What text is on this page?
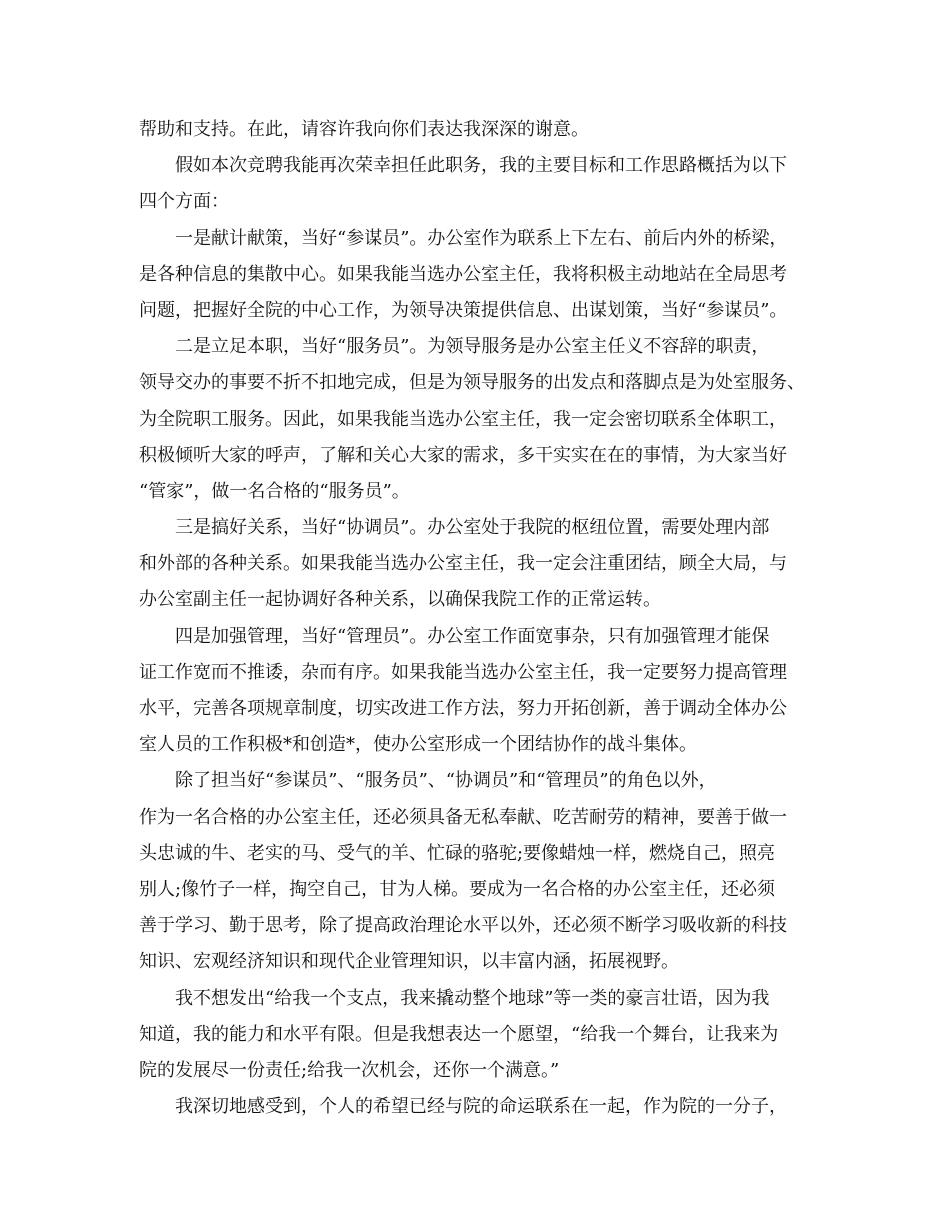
帮助和支持。在此，请容许我向你们表达我深深的谢意。
假如本次竞聘我能再次荣幸担任此职务，我的主要目标和工作思路概括为以下
四个方面：
一是献计献策，当好“参谋员”。办公室作为联系上下左右、前后内外的桥梁，
是各种信息的集散中心。如果我能当选办公室主任，我将积极主动地站在全局思考
问题，把握好全院的中心工作，为领导决策提供信息、出谋划策，当好“参谋员”。
二是立足本职，当好“服务员”。为领导服务是办公室主任义不容辞的职责，
领导交办的事要不折不扣地完成，但是为领导服务的出发点和落脚点是为处室服务、
为全院职工服务。因此，如果我能当选办公室主任，我一定会密切联系全体职工，
积极倾听大家的呼声，了解和关心大家的需求，多干实实在在的事情，为大家当好
“管家”，做一名合格的“服务员”。
三是搞好关系，当好“协调员”。办公室处于我院的枢纽位置，需要处理内部
和外部的各种关系。如果我能当选办公室主任，我一定会注重团结，顾全大局，与
办公室副主任一起协调好各种关系，以确保我院工作的正常运转。
四是加强管理，当好“管理员”。办公室工作面宽事杂，只有加强管理才能保
证工作宽而不推诿，杂而有序。如果我能当选办公室主任，我一定要努力提高管理
水平，完善各项规章制度，切实改进工作方法，努力开拓创新，善于调动全体办公
室人员的工作积极*和创造*，使办公室形成一个团结协作的战斗集体。
除了担当好“参谋员”、“服务员”、“协调员”和“管理员”的角色以外，
作为一名合格的办公室主任，还必须具备无私奉献、吃苦耐劳的精神，要善于做一
头忠诚的牛、老实的马、受气的羊、忙碌的骆驼;要像蜡烛一样，燃烧自己，照亮
别人;像竹子一样，掏空自己，甘为人梯。要成为一名合格的办公室主任，还必须
善于学习、勤于思考，除了提高政治理论水平以外，还必须不断学习吸收新的科技
知识、宏观经济知识和现代企业管理知识，以丰富内涵，拓展视野。
我不想发出“给我一个支点，我来撬动整个地球”等一类的豪言壮语，因为我
知道，我的能力和水平有限。但是我想表达一个愿望，“给我一个舞台，让我来为
院的发展尽一份责任;给我一次机会，还你一个满意。”
我深切地感受到，个人的希望已经与院的命运联系在一起，作为院的一分子，
